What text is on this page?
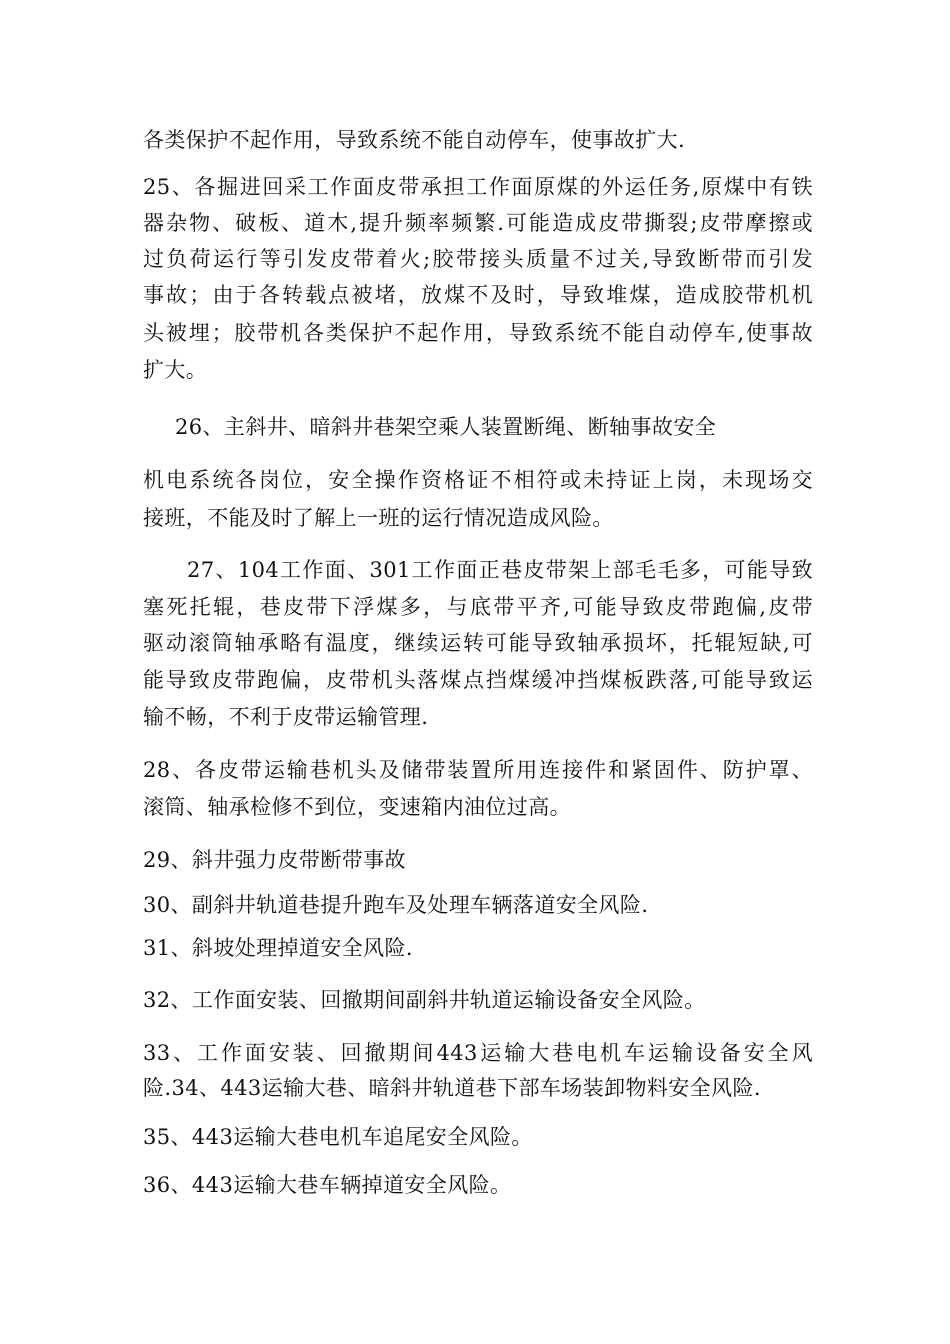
各类保护不起作用，导致系统不能自动停车，使事故扩大.
25、各掘进回采工作面皮带承担工作面原煤的外运任务,原煤中有铁
器杂物、破板、道木,提升频率频繁.可能造成皮带撕裂;皮带摩擦或
过负荷运行等引发皮带着火;胶带接头质量不过关,导致断带而引发
事故；由于各转载点被堵，放煤不及时，导致堆煤，造成胶带机机
头被埋；胶带机各类保护不起作用，导致系统不能自动停车,使事故
扩大。
26、主斜井、暗斜井巷架空乘人装置断绳、断轴事故安全
机电系统各岗位，安全操作资格证不相符或未持证上岗，未现场交
接班，不能及时了解上一班的运行情况造成风险。
27、104工作面、301工作面正巷皮带架上部毛毛多，可能导致
塞死托辊，巷皮带下浮煤多，与底带平齐,可能导致皮带跑偏,皮带
驱动滚筒轴承略有温度，继续运转可能导致轴承损坏，托辊短缺,可
能导致皮带跑偏，皮带机头落煤点挡煤缓冲挡煤板跌落,可能导致运
输不畅，不利于皮带运输管理.
28、各皮带运输巷机头及储带装置所用连接件和紧固件、防护罩、
滚筒、轴承检修不到位，变速箱内油位过高。
29、斜井强力皮带断带事故
30、副斜井轨道巷提升跑车及处理车辆落道安全风险.
31、斜坡处理掉道安全风险.
32、工作面安装、回撤期间副斜井轨道运输设备安全风险。
33、工作面安装、回撤期间443运输大巷电机车运输设备安全风
险.34、443运输大巷、暗斜井轨道巷下部车场装卸物料安全风险.
35、443运输大巷电机车追尾安全风险。
36、443运输大巷车辆掉道安全风险。
